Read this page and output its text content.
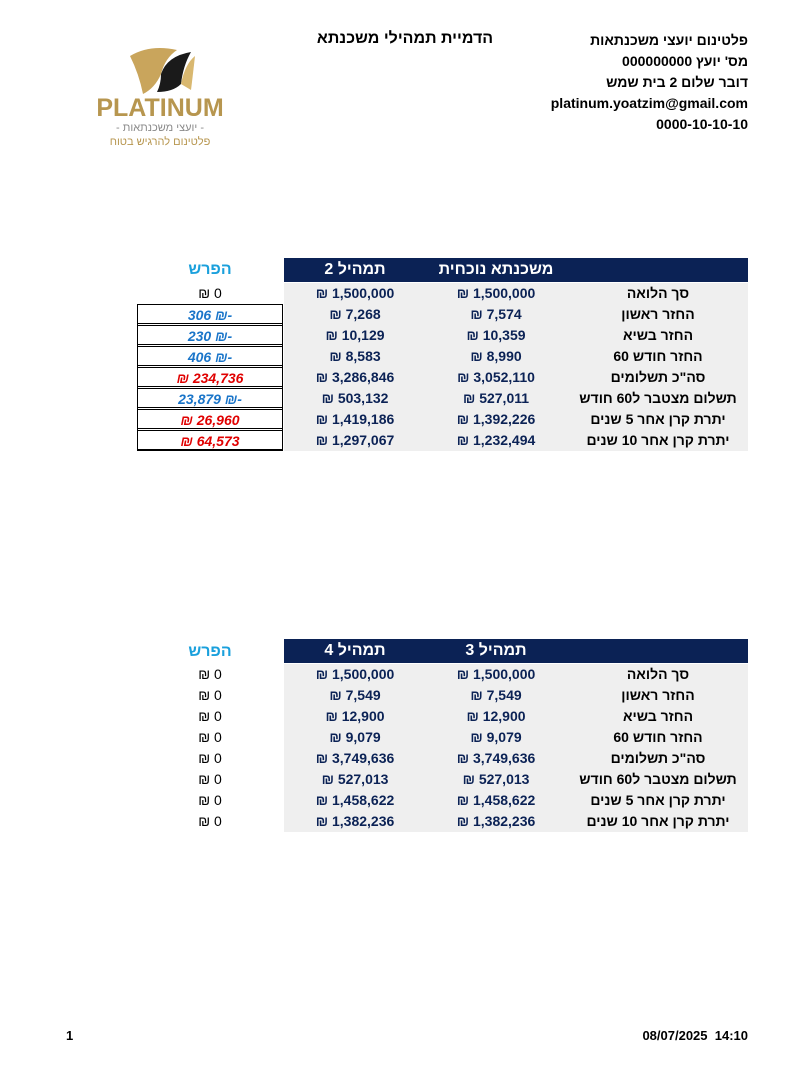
פלטינום יועצי משכנתאות
מס' יועץ 000000000
דובר שלום 2 בית שמש
platinum.yoatzim@gmail.com
0000-10-10-10
הדמיית תמהילי משכנתא
PLATINUM
- יועצי משכנתאות -
פלטינום להרגיש בטוח
משכנתא נוכחית
תמהיל 2
הפרש
סך הלואה
1,500,000 ₪
1,500,000 ₪
0 ₪
החזר ראשון
7,574 ₪
7,268 ₪
-₪ 306
החזר בשיא
10,359 ₪
10,129 ₪
-₪ 230
החזר חודש 60
8,990 ₪
8,583 ₪
-₪ 406
סה"כ תשלומים
3,052,110 ₪
3,286,846 ₪
234,736 ₪
תשלום מצטבר ל60 חודש
527,011 ₪
503,132 ₪
-₪ 23,879
יתרת קרן אחר 5 שנים
1,392,226 ₪
1,419,186 ₪
26,960 ₪
יתרת קרן אחר 10 שנים
1,232,494 ₪
1,297,067 ₪
64,573 ₪
תמהיל 3
תמהיל 4
הפרש
סך הלואה
1,500,000 ₪
1,500,000 ₪
0 ₪
החזר ראשון
7,549 ₪
7,549 ₪
0 ₪
החזר בשיא
12,900 ₪
12,900 ₪
0 ₪
החזר חודש 60
9,079 ₪
9,079 ₪
0 ₪
סה"כ תשלומים
3,749,636 ₪
3,749,636 ₪
0 ₪
תשלום מצטבר ל60 חודש
527,013 ₪
527,013 ₪
0 ₪
יתרת קרן אחר 5 שנים
1,458,622 ₪
1,458,622 ₪
0 ₪
יתרת קרן אחר 10 שנים
1,382,236 ₪
1,382,236 ₪
0 ₪
1	08/07/2025  14:10
